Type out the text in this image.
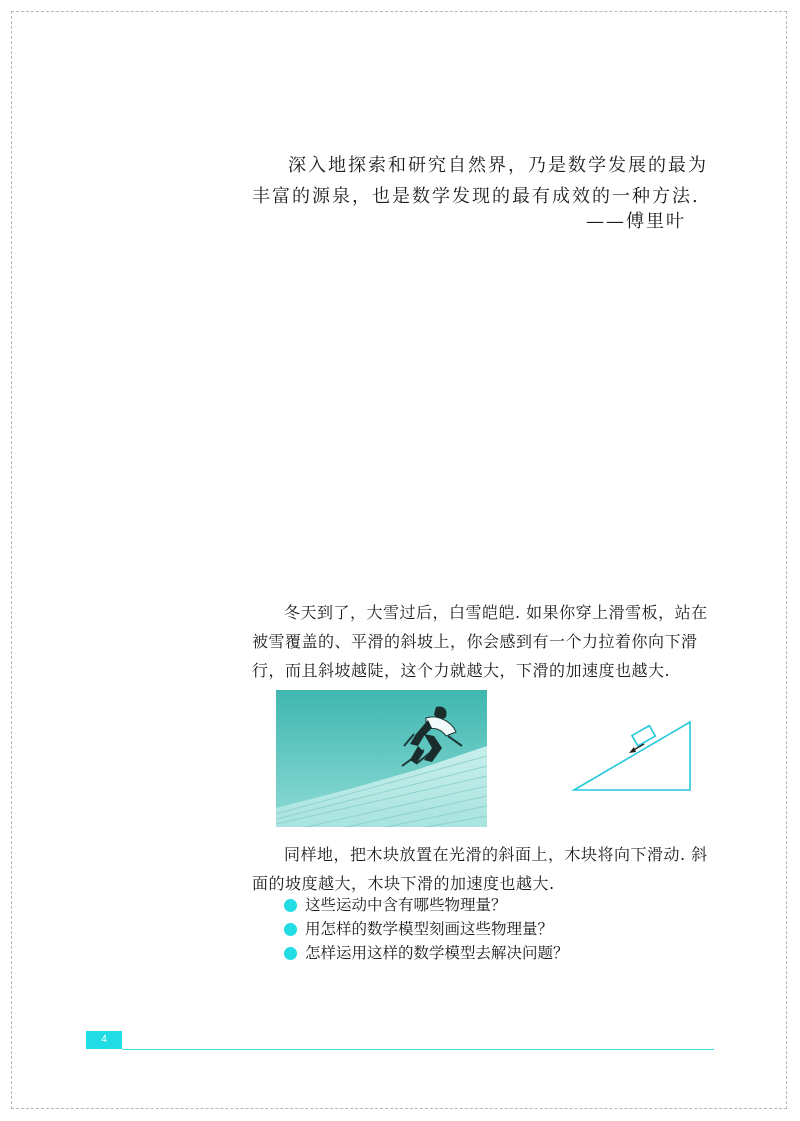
深入地探索和研究自然界，乃是数学发展的最为丰富的源泉，也是数学发现的最有成效的一种方法.

——傅里叶

冬天到了，大雪过后，白雪皑皑. 如果你穿上滑雪板，站在被雪覆盖的、平滑的斜坡上，你会感到有一个力拉着你向下滑行，而且斜坡越陡，这个力就越大，下滑的加速度也越大.

同样地，把木块放置在光滑的斜面上，木块将向下滑动. 斜面的坡度越大，木块下滑的加速度也越大.

这些运动中含有哪些物理量？
用怎样的数学模型刻画这些物理量？
怎样运用这样的数学模型去解决问题？
4
